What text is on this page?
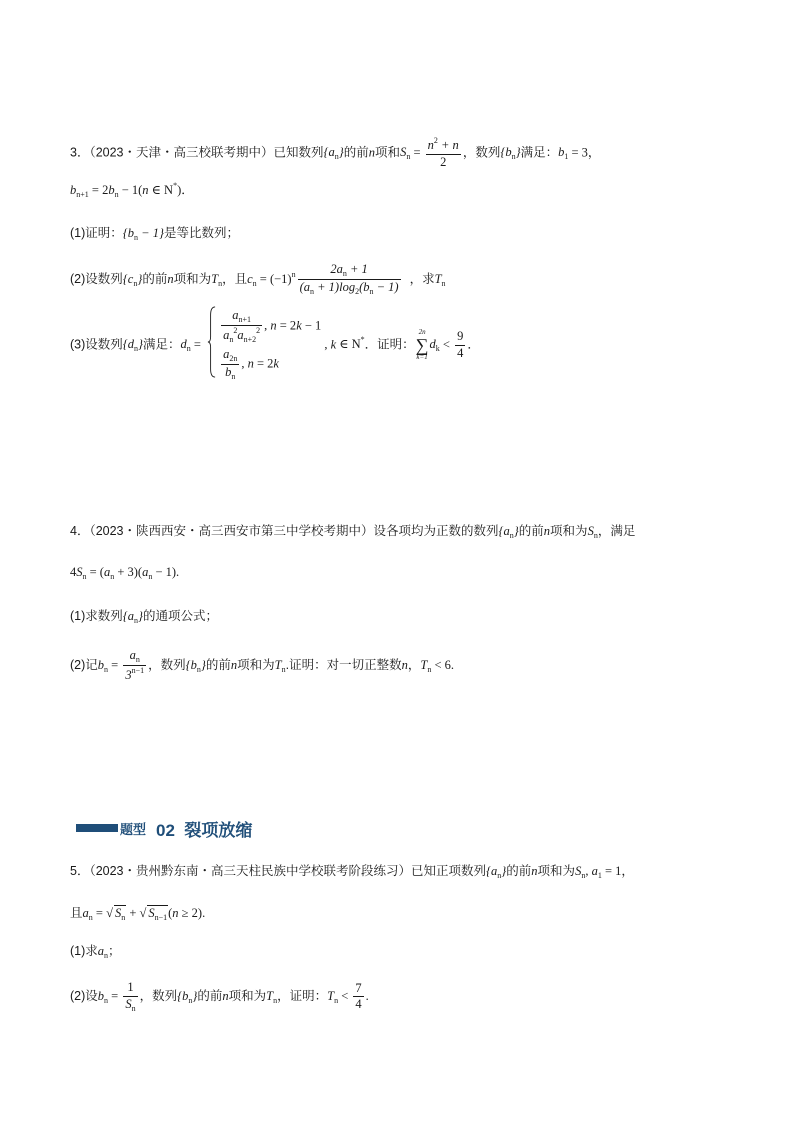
3．（2023・天津・高三校联考期中）已知数列$\{a_n\}$的前n项和$S_n = \frac{n^2 + n}{2}$ ，数列$\{b_n\}$满足：$b_1 = 3$，
$b_{n+1} = 2b_n - 1(n$ ∈ N*)．
(1)证明：$\{b_n - 1\}$是等比数列；
(2)设数列$\{c_n\}$的前n项和为$T_n$，且$c_n = (-1)^n \frac{2a_n + 1}{(a_n + 1)\log_2(b_n - 1)}$ ，求$T_n$
(3)设数列$\{d_n\}$满足：$d_n = \frac{a_{n+1}}{a_n^2a_{n+2}^2}$ , n = 2k − 1
$\frac{a_{2n}}{b_n}$ , n = 2k
, k ∈ N*．证明：
2n
∑
k=1
$d_k < \frac{9}{4}$ ．
4．（2023・陕西西安・高三西安市第三中学校考期中）设各项均为正数的数列$\{a_n\}$的前n项和为$S_n$，满足
$4S_n = (a_n + 3)(a_n - 1)$.
(1)求数列$\{a_n\}$的通项公式；
(2)记$b_n = \frac{a_n}{3^{n-1}}$ ，数列$\{b_n\}$的前n项和为$T_n$.证明：对一切正整数n，$T_n < 6$.
题型 02 裂项放缩
5．（2023・贵州黔东南・高三天柱民族中学校联考阶段练习）已知正项数列$\{a_n\}$的前n项和为$S_n$, $a_1 = 1$，
且$a_n$ = √ $S_n$ + √ $S_{n-1}(n \ge 2)$.
(1)求$a_n$；
(2)设$b_n = \frac{1}{S_n}$ ，数列$\{b_n\}$的前n项和为$T_n$，证明：$T_n < \frac{7}{4}$ .
